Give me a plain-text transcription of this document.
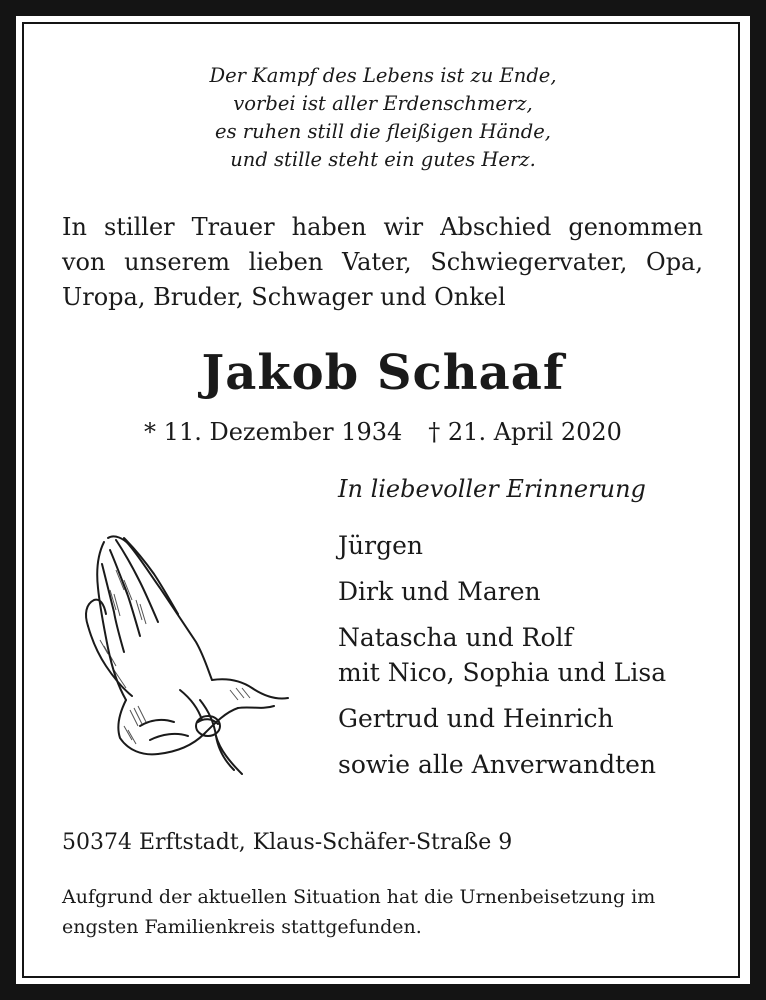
Der Kampf des Lebens ist zu Ende,
vorbei ist aller Erdenschmerz,
es ruhen still die fleißigen Hände,
und stille steht ein gutes Herz.
In stiller Trauer haben wir Abschied genommen
von unserem lieben Vater, Schwiegervater, Opa,
Uropa, Bruder, Schwager und Onkel
Jakob Schaaf
* 11. Dezember 1934 † 21. April 2020
In liebevoller Erinnerung
Jürgen
Dirk und Maren
Natascha und Rolf
mit Nico, Sophia und Lisa
Gertrud und Heinrich
sowie alle Anverwandten
50374 Erftstadt, Klaus-Schäfer-Straße 9
Aufgrund der aktuellen Situation hat die Urnenbeisetzung im engsten Familienkreis stattgefunden.
